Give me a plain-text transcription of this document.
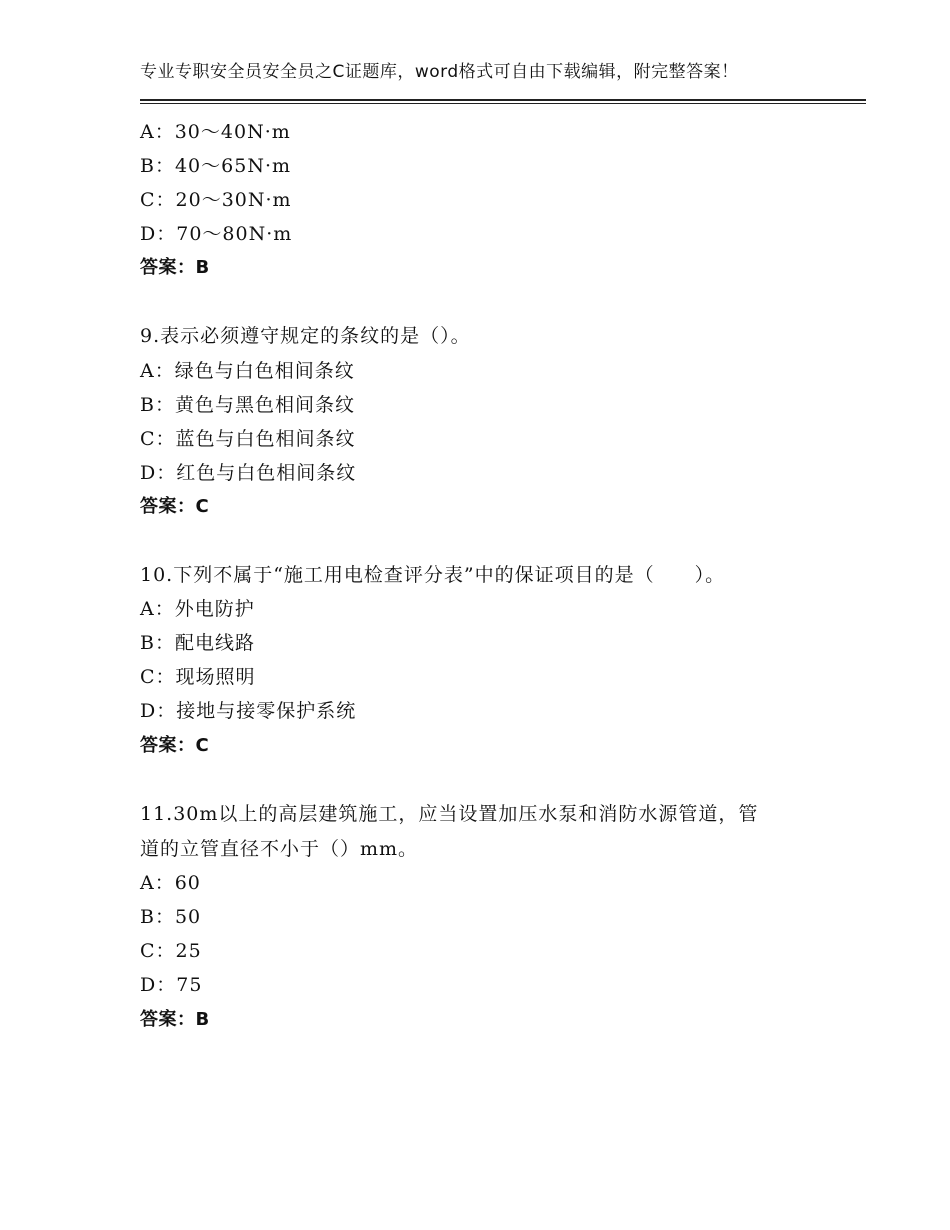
专业专职安全员安全员之C证题库，word格式可自由下载编辑，附完整答案！
A：30～40N·m
B：40～65N·m
C：20～30N·m
D：70～80N·m
答案：B
9.表示必须遵守规定的条纹的是（）。
A：绿色与白色相间条纹
B：黄色与黑色相间条纹
C：蓝色与白色相间条纹
D：红色与白色相间条纹
答案：C
10.下列不属于“施工用电检查评分表”中的保证项目的是（　　）。
A：外电防护
B：配电线路
C：现场照明
D：接地与接零保护系统
答案：C
11.30m以上的高层建筑施工，应当设置加压水泵和消防水源管道，管
道的立管直径不小于（）mm。
A：60
B：50
C：25
D：75
答案：B
